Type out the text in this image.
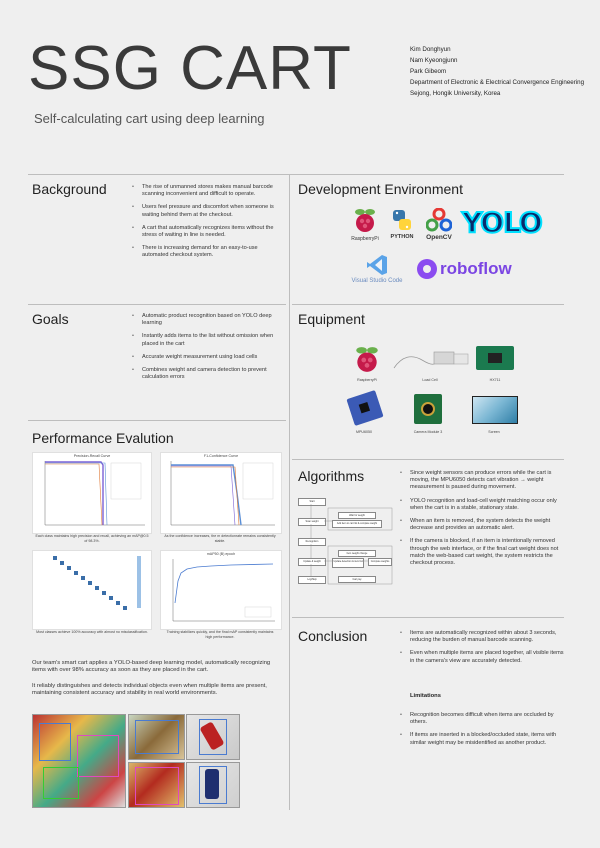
SSG CART
Self-calculating cart using deep learning
Kim Donghyun
Nam Kyeongjunn
Park Gibeom
Department of Electronic & Electrical Convergence Engineering
Sejong, Hongik University, Korea
Background	• The rise of unmanned stores makes manual barcode scanning inconvenient and difficult to operate.
• Users feel pressure and discomfort when someone is waiting behind them at the checkout.
• A cart that automatically recognizes items without the stress of waiting in line is needed.
• There is increasing demand for an easy-to-use automated checkout system.
Development Environment
RaspberryPi	PYTHON	OpenCV YOLO
Visual Studio Code
roboflow
Goals	• Automatic product recognition based on YOLO deep learning
• Instantly adds items to the list without omission when placed in the cart
• Accurate weight measurement using load cells
• Combines weight and camera detection to prevent calculation errors
Equipment
RaspberryPi	Load Cell	HX711
MPU6050	Camera Module 3	Screen
Performance Evalution
Precision-Recall Curve	F1-Confidence Curve
Each class maintains high precision and recall, achieving an mAP@0.5 of 98.3%.
As the confidence increases, the m detectionrate remains consistently stable.
mAP50 (B) epoch
Most classes achieve 100% accuracy with almost no misclassification.	Training stabilizes quickly, and the final mAP consistently maintains high performance.
Our team's smart cart applies a YOLO-based deep learning model, automatically recognizing items with over 98% accuracy as soon as they are placed in the cart.
It reliably distinguishes and detects individual objects even when multiple items are present, maintaining consistent accuracy and stability in real world environments.
Algorithms
Start
Scan weight
Recognition
Update & weight
Log/Skip
Wait for weight
Add item to cart list & compare weight
Item weight change
Update detection & item list	Compare weights
Cart pay
• Since weight sensors can produce errors while the cart is moving, the MPU6050 detects cart vibration → weight measurement is paused during movement.
• YOLO recognition and load-cell weight matching occur only when the cart is in a stable, stationary state.
• When an item is removed, the system detects the weight decrease and provides an automatic alert.
• If the camera is blocked, if an item is intentionally removed through the web interface, or if the final cart weight does not match the web-based cart weight, the system restricts the checkout process.
Conclusion	• Items are automatically recognized within about 3 seconds, reducing the burden of manual barcode scanning.
• Even when multiple items are placed together, all visible items in the camera's view are accurately detected.
Limitations
• Recognition becomes difficult when items are occluded by others.
• If items are inserted in a blocked/occluded state, items with similar weight may be misidentified as another product.
